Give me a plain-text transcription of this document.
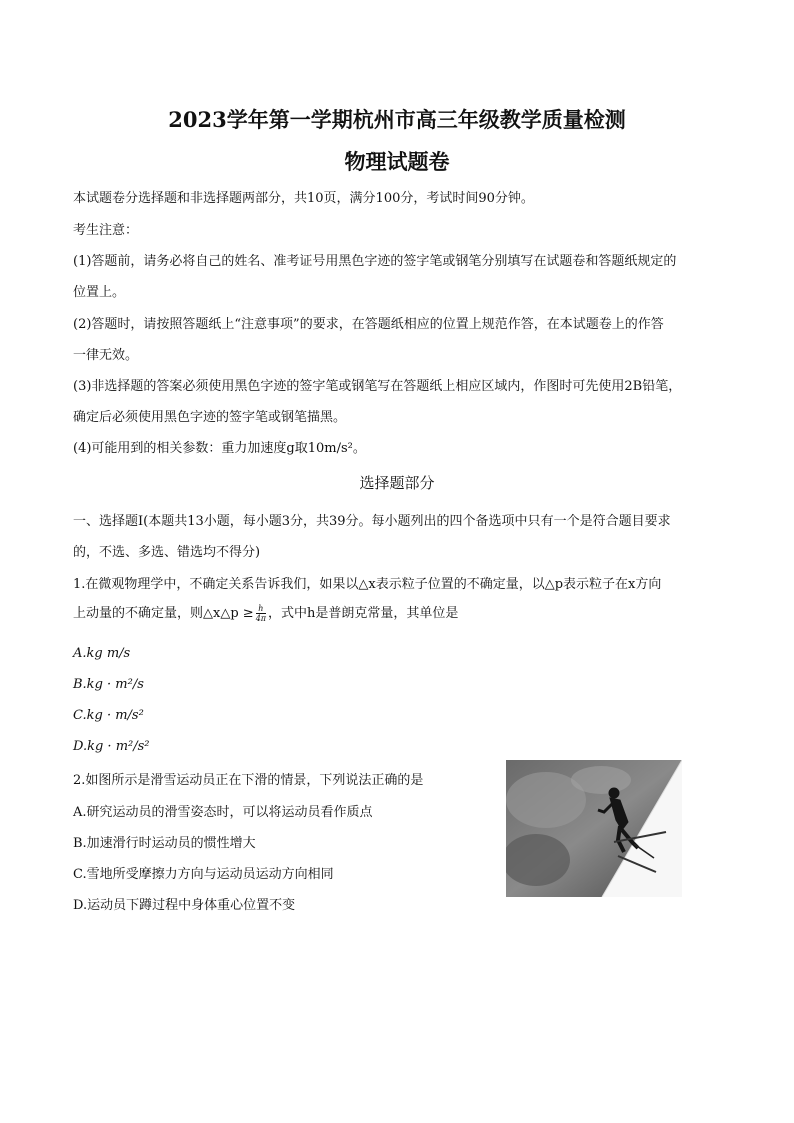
2023学年第一学期杭州市高三年级教学质量检测
物理试题卷
本试题卷分选择题和非选择题两部分，共10页，满分100分，考试时间90分钟。
考生注意：
(1)答题前，请务必将自己的姓名、准考证号用黑色字迹的签字笔或钢笔分别填写在试题卷和答题纸规定的
位置上。
(2)答题时，请按照答题纸上“注意事项”的要求，在答题纸相应的位置上规范作答，在本试题卷上的作答
一律无效。
(3)非选择题的答案必须使用黑色字迹的签字笔或钢笔写在答题纸上相应区域内，作图时可先使用2B铅笔，
确定后必须使用黑色字迹的签字笔或钢笔描黑。
(4)可能用到的相关参数：重力加速度g取10m/s²。
选择题部分
一、选择题I(本题共13小题，每小题3分，共39分。每小题列出的四个备选项中只有一个是符合题目要求
的，不选、多选、错选均不得分)
1.在微观物理学中，不确定关系告诉我们，如果以△x表示粒子位置的不确定量，以△p表示粒子在x方向
上动量的不确定量，则△x△p ≥ $\frac{h}{4\pi}$ ，式中h是普朗克常量，其单位是
A.kg m/s
B.kg · m²/s
C.kg · m/s²
D.kg · m²/s²
2.如图所示是滑雪运动员正在下滑的情景，下列说法正确的是
A.研究运动员的滑雪姿态时，可以将运动员看作质点
B.加速滑行时运动员的惯性增大
C.雪地所受摩擦力方向与运动员运动方向相同
D.运动员下蹲过程中身体重心位置不变
